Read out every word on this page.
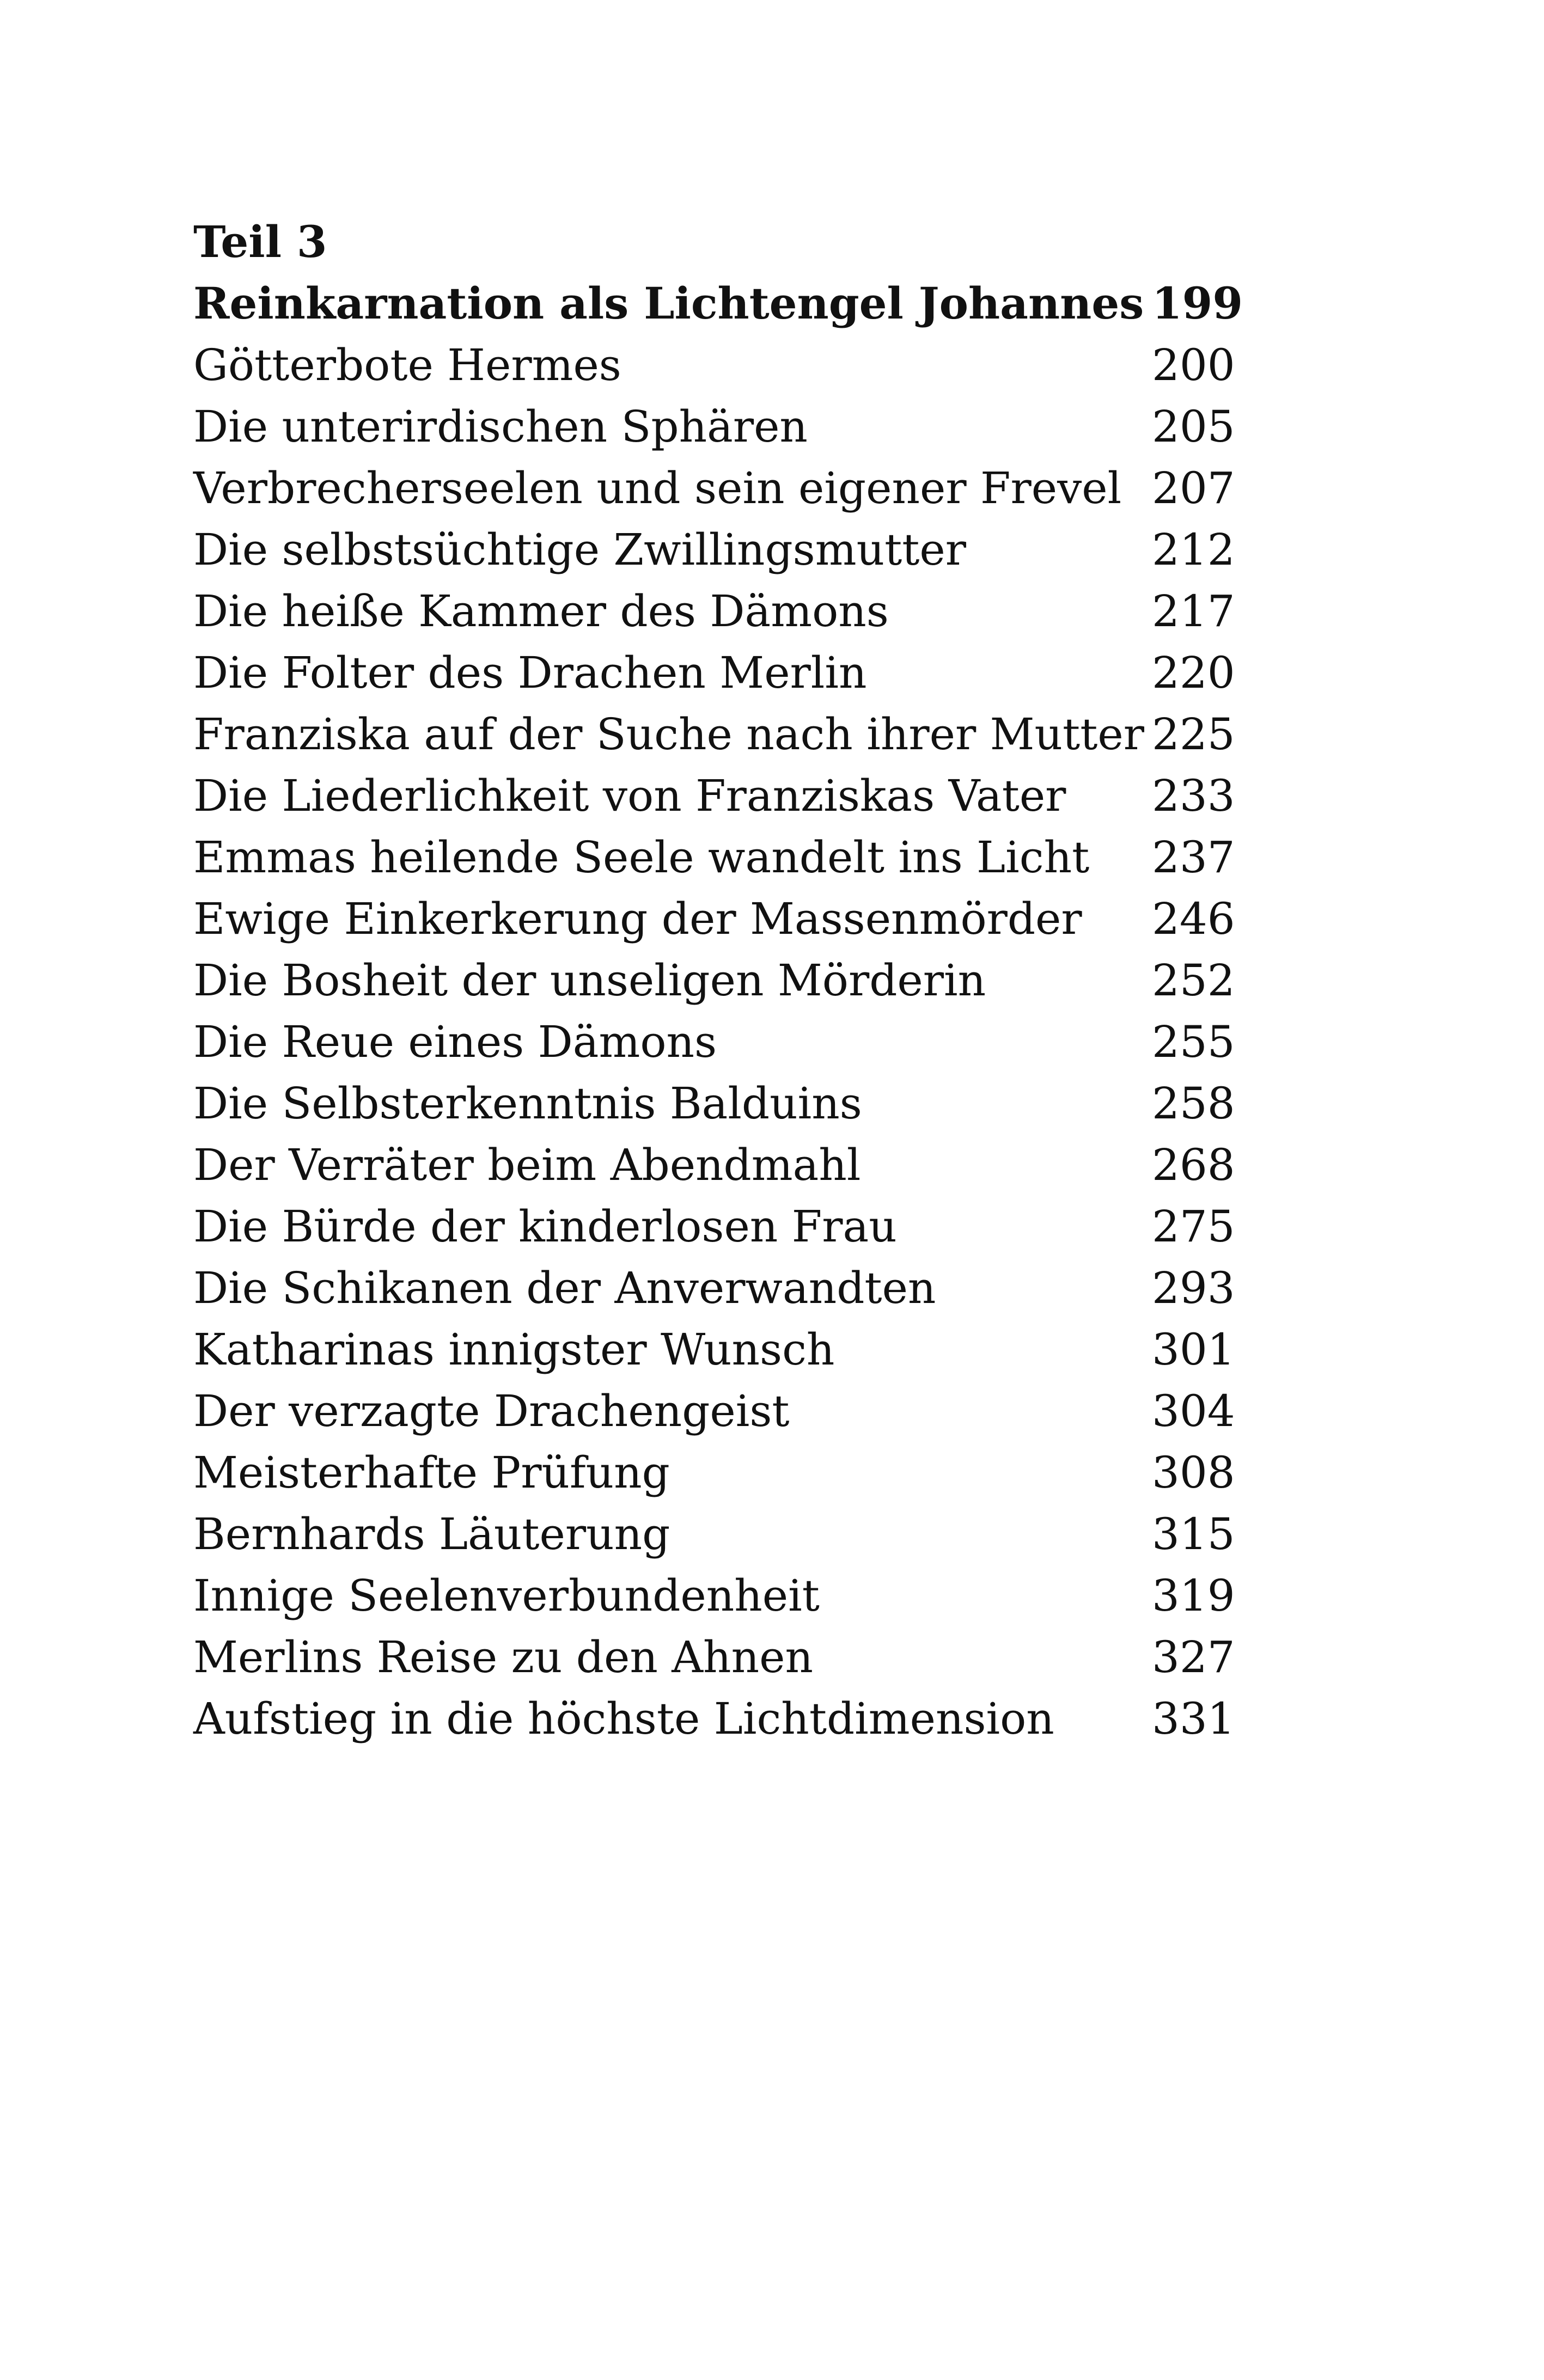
Teil 3
Reinkarnation als Lichtengel Johannes 199
Götterbote Hermes	200
Die unterirdischen Sphären	205
Verbrecherseelen und sein eigener Frevel 207
Die selbstsüchtige Zwillingsmutter	212
Die heiße Kammer des Dämons	217
Die Folter des Drachen Merlin	220
Franziska auf der Suche nach ihrer Mutter 225
Die Liederlichkeit von Franziskas Vater 233
Emmas heilende Seele wandelt ins Licht 237
Ewige Einkerkerung der Massenmörder 246
Die Bosheit der unseligen Mörderin	252
Die Reue eines Dämons	255
Die Selbsterkenntnis Balduins	258
Der Verräter beim Abendmahl	268
Die Bürde der kinderlosen Frau	275
Die Schikanen der Anverwandten	293
Katharinas innigster Wunsch	301
Der verzagte Drachengeist	304
Meisterhafte Prüfung	308
Bernhards Läuterung	315
Innige Seelenverbundenheit	319
Merlins Reise zu den Ahnen	327
Aufstieg in die höchste Lichtdimension 331
